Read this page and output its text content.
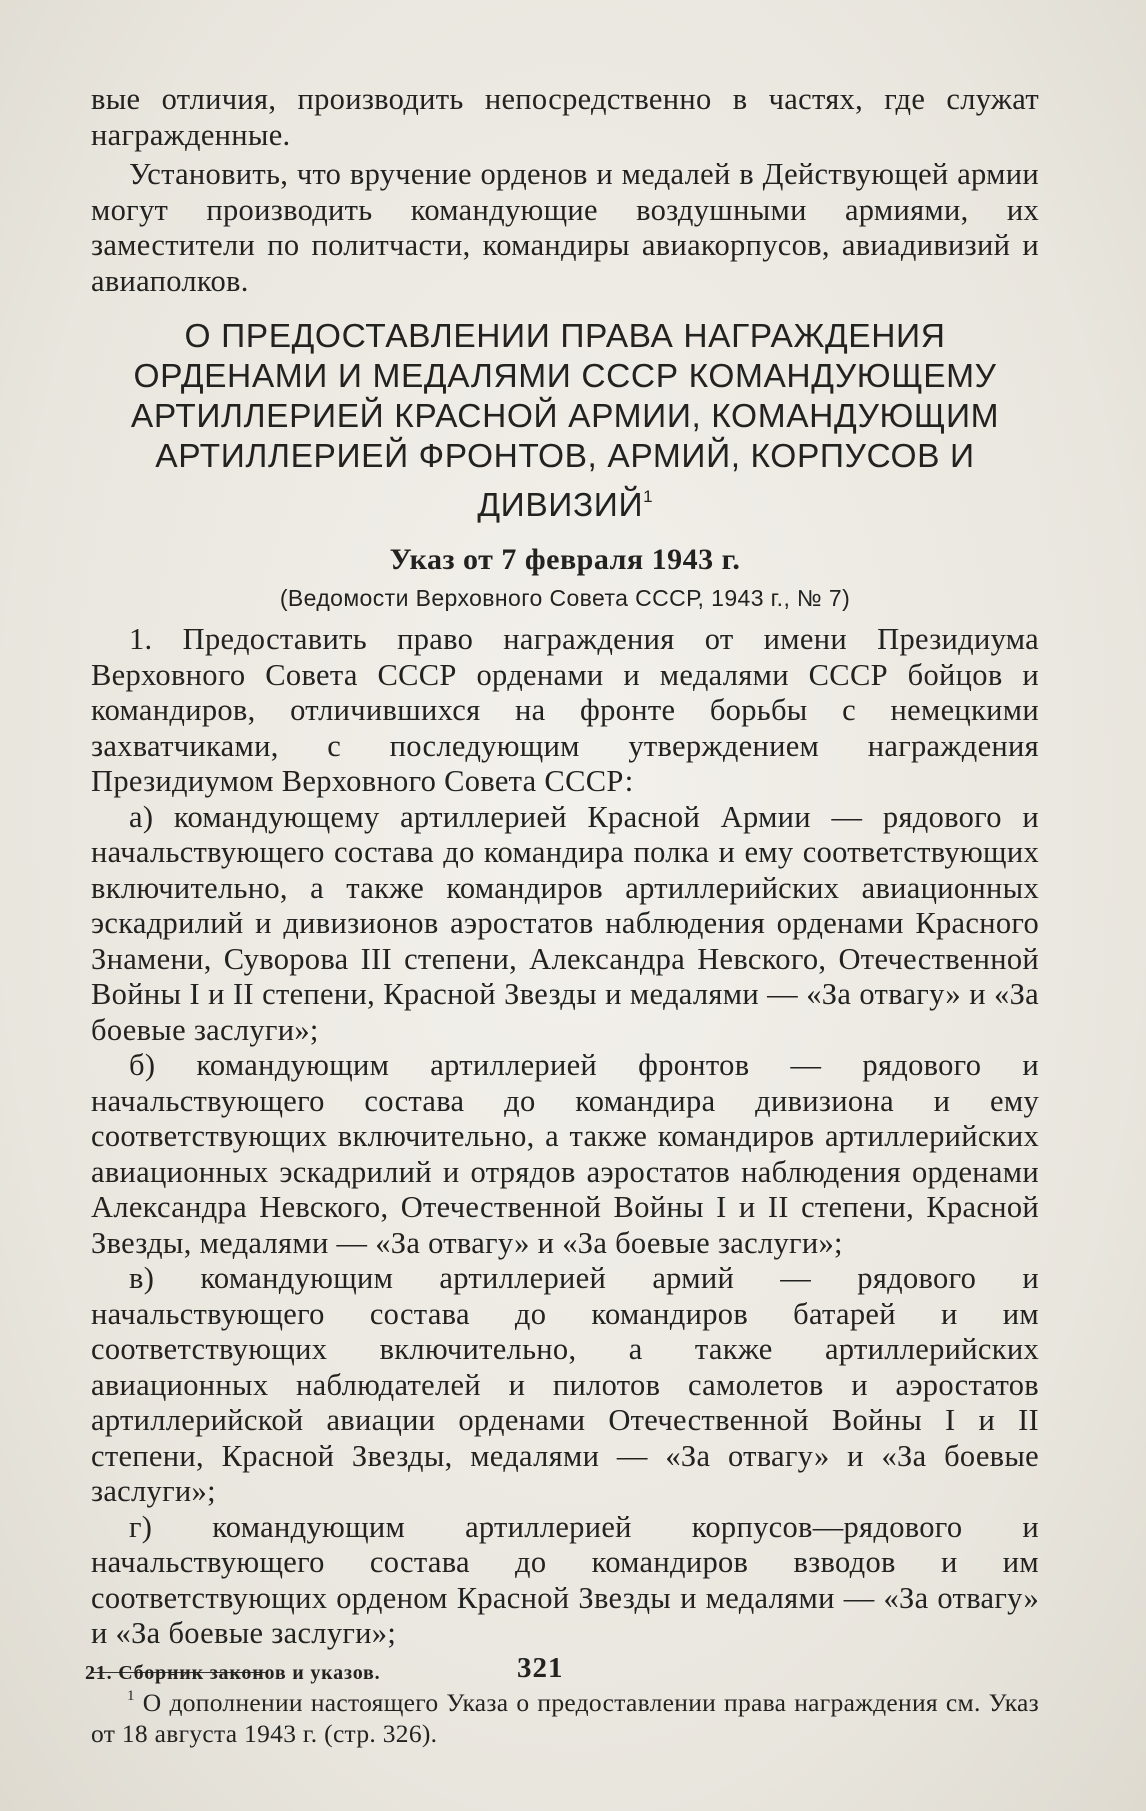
вые отличия, производить непосредственно в частях, где служат награжденные.

Установить, что вручение орденов и медалей в Действующей армии могут производить командующие воздушными армиями, их заместители по политчасти, командиры авиакорпусов, авиадивизий и авиаполков.

О ПРЕДОСТАВЛЕНИИ ПРАВА НАГРАЖДЕНИЯ ОРДЕНАМИ И МЕДАЛЯМИ СССР КОМАНДУЮЩЕМУ АРТИЛЛЕРИЕЙ КРАСНОЙ АРМИИ, КОМАНДУЮЩИМ АРТИЛЛЕРИЕЙ ФРОНТОВ, АРМИЙ, КОРПУСОВ И ДИВИЗИЙ$^1$
Указ от 7 февраля 1943 г.
(Ведомости Верховного Совета СССР, 1943 г., № 7)

1. Предоставить право награждения от имени Президиума Верховного Совета СССР орденами и медалями СССР бойцов и командиров, отличившихся на фронте борьбы с немецкими захватчиками, с последующим утверждением награждения Президиумом Верховного Совета СССР:

а) командующему артиллерией Красной Армии — рядового и начальствующего состава до командира полка и ему соответствующих включительно, а также командиров артиллерийских авиационных эскадрилий и дивизионов аэростатов наблюдения орденами Красного Знамени, Суворова III степени, Александра Невского, Отечественной Войны I и II степени, Красной Звезды и медалями — «За отвагу» и «За боевые заслуги»;

б) командующим артиллерией фронтов — рядового и начальствующего состава до командира дивизиона и ему соответствующих включительно, а также командиров артиллерийских авиационных эскадрилий и отрядов аэростатов наблюдения орденами Александра Невского, Отечественной Войны I и II степени, Красной Звезды, медалями — «За отвагу» и «За боевые заслуги»;

в) командующим артиллерией армий — рядового и начальствующего состава до командиров батарей и им соответствующих включительно, а также артиллерийских авиационных наблюдателей и пилотов самолетов и аэростатов артиллерийской авиации орденами Отечественной Войны I и II степени, Красной Звезды, медалями — «За отвагу» и «За боевые заслуги»;

г) командующим артиллерией корпусов—рядового и начальствующего состава до командиров взводов и им соответствующих орденом Красной Звезды и медалями — «За отвагу» и «За боевые заслуги»;

$^1$ О дополнении настоящего Указа о предоставлении права награждения см. Указ от 18 августа 1943 г. (стр. 326).

21. Сборник законов и указов.	321
